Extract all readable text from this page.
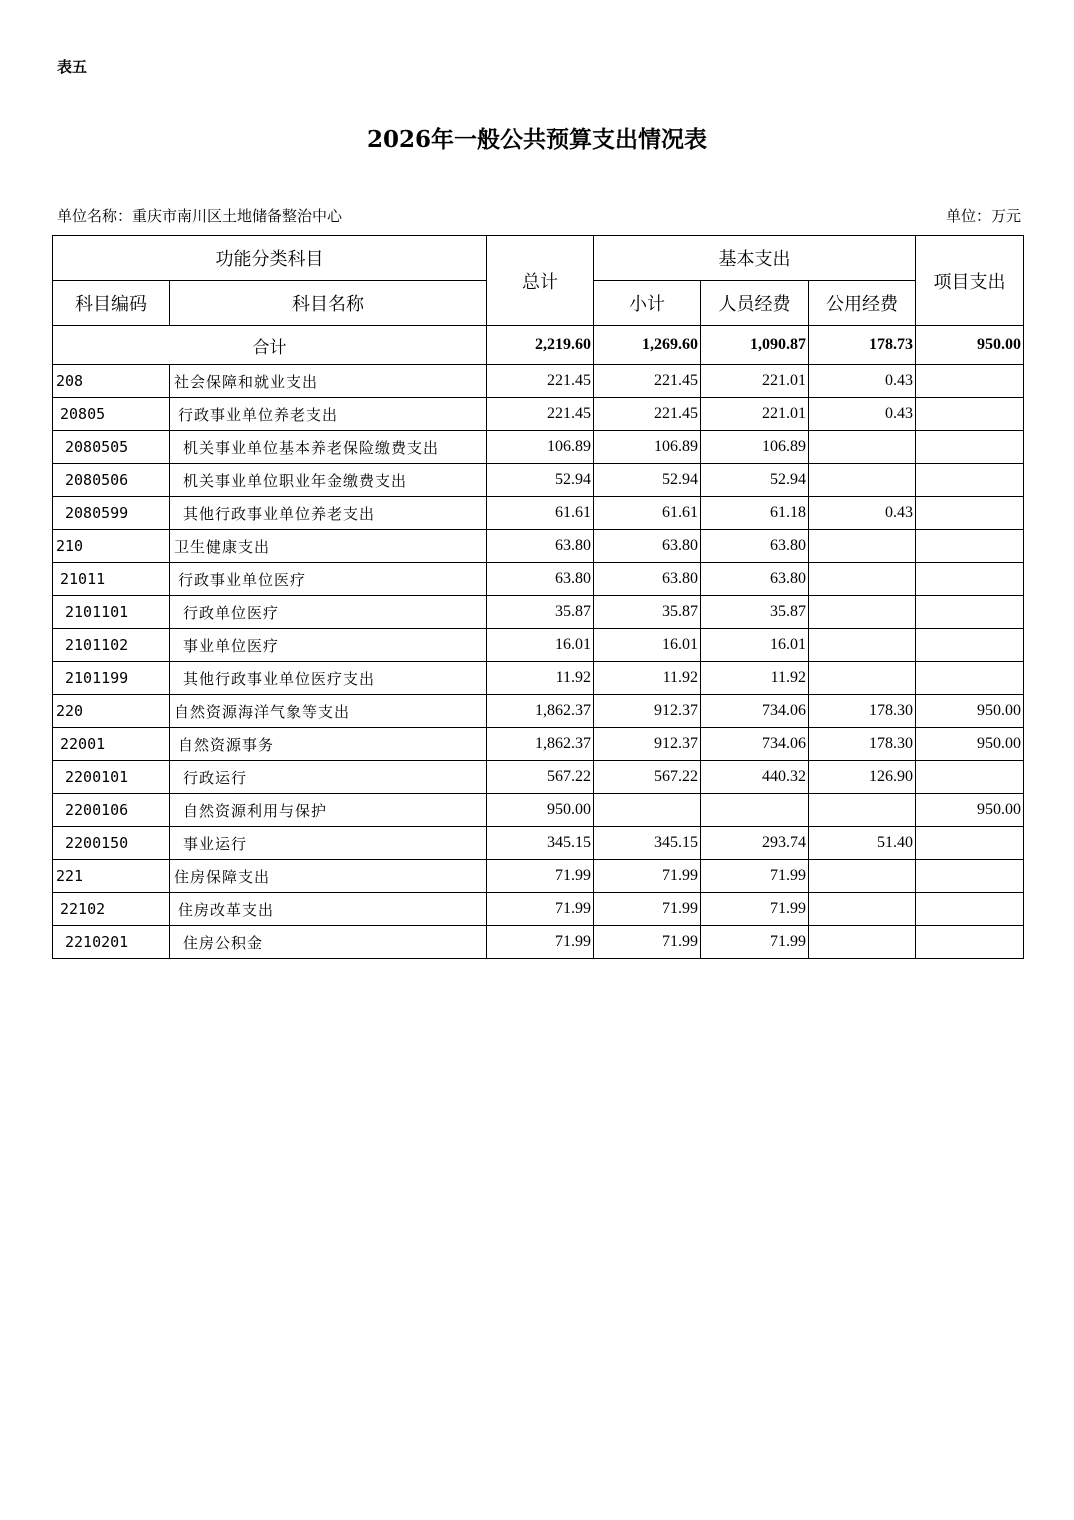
表五
2026年一般公共预算支出情况表
单位名称：重庆市南川区土地储备整治中心	单位：万元
功能分类科目		总计	基本支出			项目支出
科目编码	科目名称		小计	人员经费	公用经费	
合计		2,219.60	1,269.60	1,090.87	178.73	950.00
208	社会保障和就业支出	221.45	221.45	221.01	0.43	
20805	行政事业单位养老支出	221.45	221.45	221.01	0.43	
2080505	机关事业单位基本养老保险缴费支出	106.89	106.89	106.89		
2080506	机关事业单位职业年金缴费支出	52.94	52.94	52.94		
2080599	其他行政事业单位养老支出	61.61	61.61	61.18	0.43	
210	卫生健康支出	63.80	63.80	63.80		
21011	行政事业单位医疗	63.80	63.80	63.80		
2101101	行政单位医疗	35.87	35.87	35.87		
2101102	事业单位医疗	16.01	16.01	16.01		
2101199	其他行政事业单位医疗支出	11.92	11.92	11.92		
220	自然资源海洋气象等支出	1,862.37	912.37	734.06	178.30	950.00
22001	自然资源事务	1,862.37	912.37	734.06	178.30	950.00
2200101	行政运行	567.22	567.22	440.32	126.90	
2200106	自然资源利用与保护	950.00				950.00
2200150	事业运行	345.15	345.15	293.74	51.40	
221	住房保障支出	71.99	71.99	71.99		
22102	住房改革支出	71.99	71.99	71.99		
2210201	住房公积金	71.99	71.99	71.99		
